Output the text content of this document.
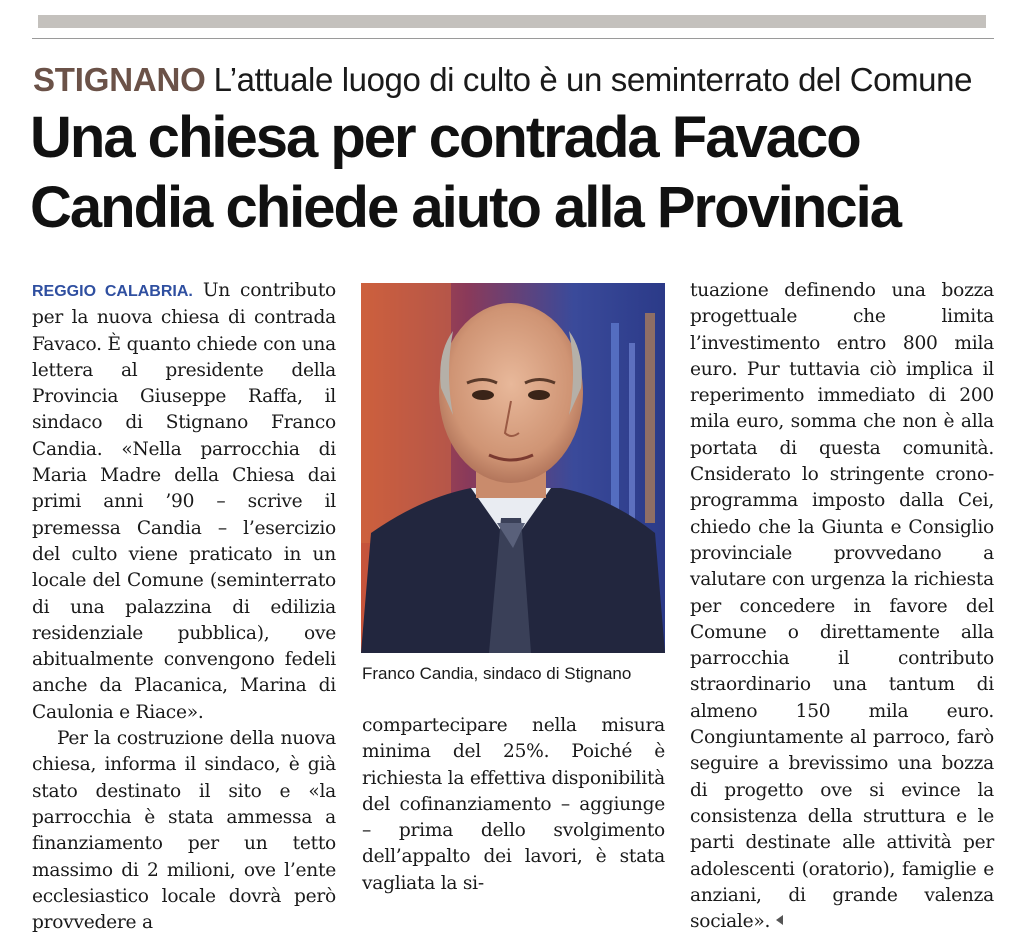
STIGNANO L’attuale luogo di culto è un seminterrato del Comune
Una chiesa per contrada Favaco
Candia chiede aiuto alla Provincia

REGGIO CALABRIA. Un contributo per la nuova chiesa di contrada Favaco. È quanto chiede con una lettera al presidente della Provincia Giuseppe Raffa, il sindaco di Stignano Franco Candia. «Nella parrocchia di Maria Madre della Chiesa dai primi anni ’90 – scrive il premessa Candia – l’esercizio del culto viene praticato in un locale del Comune (seminterrato di una palazzina di edilizia residenziale pubblica), ove abitualmente convengono fedeli anche da Placanica, Marina di Caulonia e Riace».

Per la costruzione della nuova chiesa, informa il sindaco, è già stato destinato il sito e «la parrocchia è stata ammessa a finanziamento per un tetto massimo di 2 milioni, ove l’ente ecclesiastico locale dovrà però provvedere a

Franco Candia, sindaco di Stignano

compartecipare nella misura minima del 25%. Poiché è richiesta la effettiva disponibilità del cofinanziamento – aggiunge – prima dello svolgimento dell’appalto dei lavori, è stata vagliata la si-

tuazione definendo una bozza progettuale che limita l’investimento entro 800 mila euro. Pur tuttavia ciò implica il reperimento immediato di 200 mila euro, somma che non è alla portata di questa comunità. Cnsiderato lo stringente crono-programma imposto dalla Cei, chiedo che la Giunta e Consiglio provinciale provvedano a valutare con urgenza la richiesta per concedere in favore del Comune o direttamente alla parrocchia il contributo straordinario una tantum di almeno 150 mila euro. Congiuntamente al parroco, farò seguire a brevissimo una bozza di progetto ove si evince la consistenza della struttura e le parti destinate alle attività per adolescenti (oratorio), famiglie e anziani, di grande valenza sociale».
